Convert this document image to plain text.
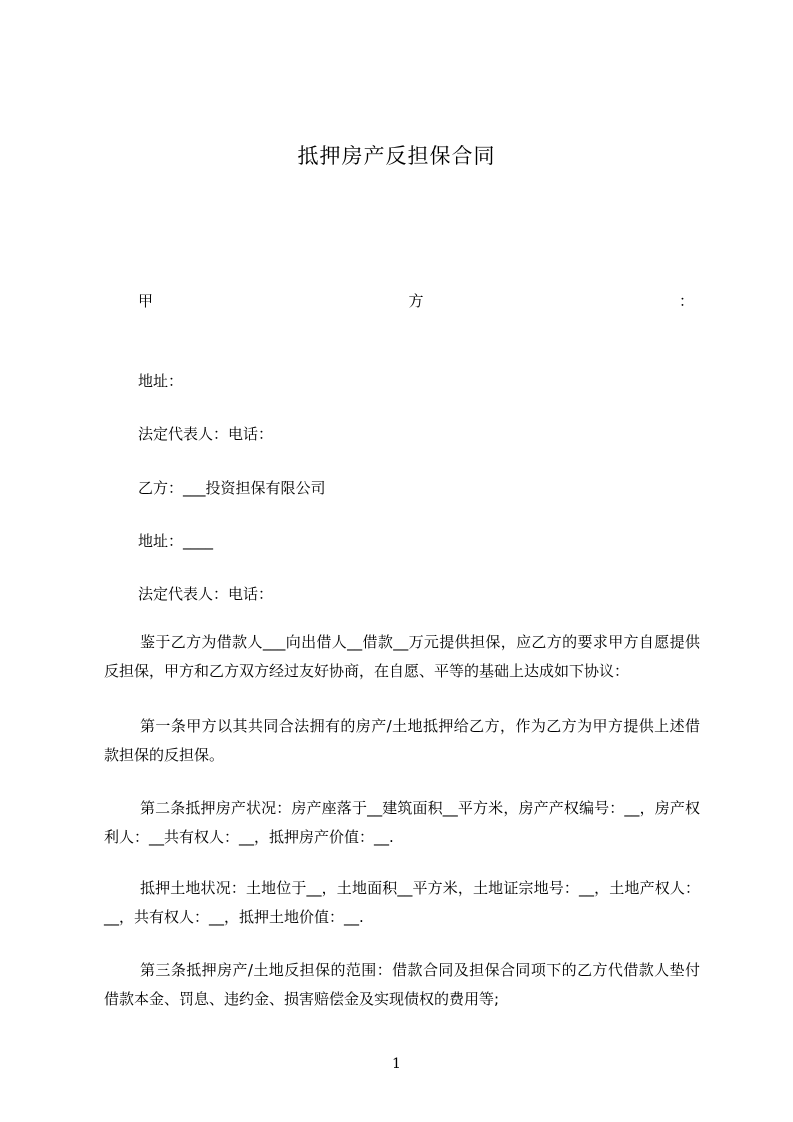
抵押房产反担保合同
甲	方	：
地址：
法定代表人：电话：
乙方：___投资担保有限公司
地址：____
法定代表人：电话：
鉴于乙方为借款人___向出借人__借款__万元提供担保，应乙方的要求甲方自愿提供反担保，甲方和乙方双方经过友好协商，在自愿、平等的基础上达成如下协议：
第一条甲方以其共同合法拥有的房产/土地抵押给乙方，作为乙方为甲方提供上述借款担保的反担保。
第二条抵押房产状况：房产座落于__建筑面积__平方米，房产产权编号：__，房产权利人：__共有权人：__，抵押房产价值：__.
抵押土地状况：土地位于__，土地面积__平方米，土地证宗地号：__，土地产权人：__，共有权人：__，抵押土地价值：__.
第三条抵押房产/土地反担保的范围：借款合同及担保合同项下的乙方代借款人垫付借款本金、罚息、违约金、损害赔偿金及实现债权的费用等;
1
